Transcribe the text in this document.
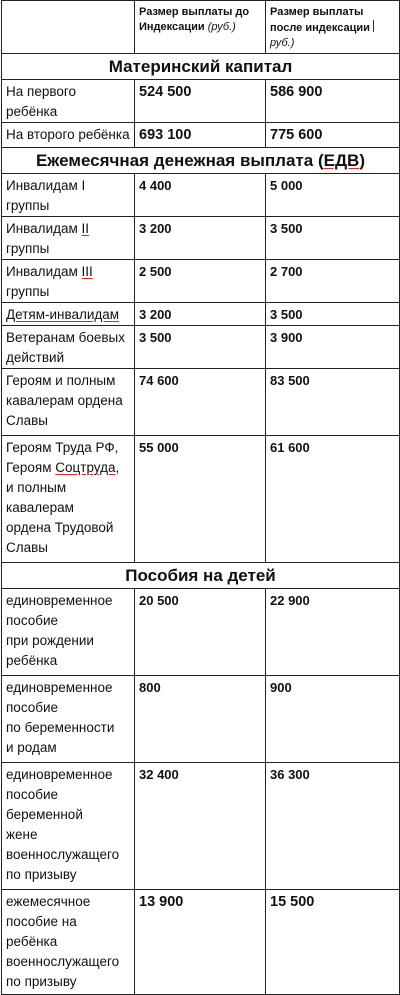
	Размер выплаты до Индексации (руб.)	Размер выплаты после индексации руб.)
Материнский капитал		
На первого ребёнка	524 500	586 900
На второго ребёнка	693 100	775 600
Ежемесячная денежная выплата (ЕДВ)		
Инвалидам I группы	4 400	5 000
Инвалидам II группы	3 200	3 500
Инвалидам III группы	2 500	2 700
Детям-инвалидам	3 200	3 500

Ветеранам боевых
действий	3 500	3 900

Героям и полным
кавалерам ордена
Славы	74 600	83 500

Героям Труда РФ,
Героям Соцтруда,
и полным кавалерам
ордена Трудовой
Славы	55 000	61 600
Пособия на детей		

единовременное
пособие
при рождении
ребёнка	20 500	22 900

единовременное
пособие
по беременности
и родам	800	900

единовременное
пособие беременной
жене
военнослужащего
по призыву	32 400	36 300

ежемесячное
пособие на ребёнка
военнослужащего
по призыву	13 900	15 500
